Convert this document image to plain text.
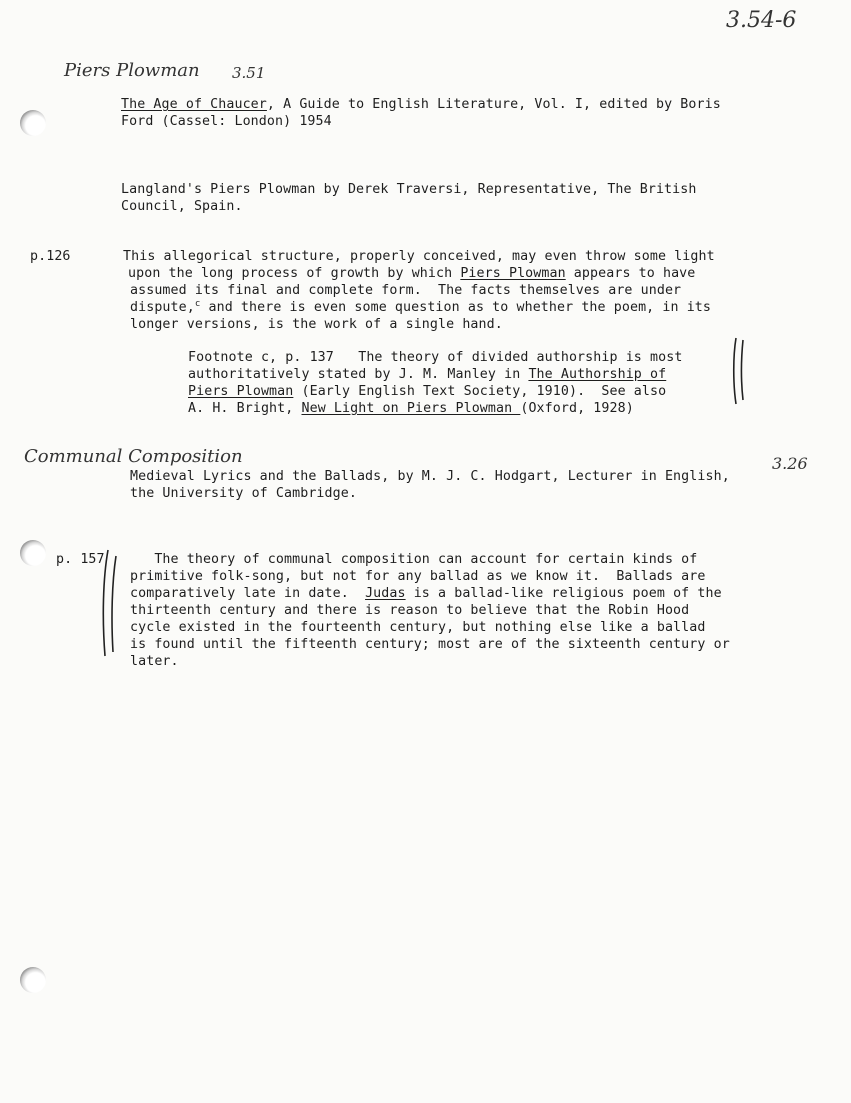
3.54-6
Piers Plowman 3.51
Communal Composition	3.26
The Age of Chaucer, A Guide to English Literature, Vol. I, edited by Boris
Ford (Cassel: London) 1954
Langland's Piers Plowman by Derek Traversi, Representative, The British
Council, Spain.
p.126	This allegorical structure, properly conceived, may even throw some light
upon the long process of growth by which Piers Plowman appears to have
assumed its final and complete form.  The facts themselves are under
dispute,$^c$ and there is even some question as to whether the poem, in its
longer versions, is the work of a single hand.
Footnote c, p. 137   The theory of divided authorship is most
authoritatively stated by J. M. Manley in The Authorship of
Piers Plowman (Early English Text Society, 1910).  See also
A. H. Bright, New Light on Piers Plowman (Oxford, 1928)
Medieval Lyrics and the Ballads, by M. J. C. Hodgart, Lecturer in English,
the University of Cambridge.
p. 157 The theory of communal composition can account for certain kinds of
primitive folk-song, but not for any ballad as we know it.  Ballads are
comparatively late in date.  Judas is a ballad-like religious poem of the
thirteenth century and there is reason to believe that the Robin Hood
cycle existed in the fourteenth century, but nothing else like a ballad
is found until the fifteenth century; most are of the sixteenth century or
later.
